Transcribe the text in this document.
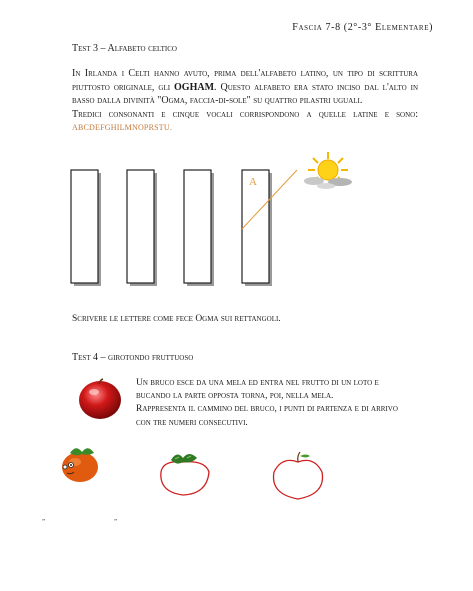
Fascia 7-8 (2°-3° Elementare)
Test 3 – Alfabeto celtico

In Irlanda i Celti hanno avuto, prima dell'alfabeto latino, un tipo di scrittura piuttosto originale, gli OGHAM. Questo alfabeto era stato inciso dal l'alto in basso dalla divinità "Ogma, faccia-di-sole" su quattro pilastri uguali.

Tredici consonanti e cinque vocali corrispondono a quelle latine e sono: ABCDEFGHILMNOPRSTU.

A
Scrivere le lettere come fece Ogma sui rettangoli.
Test 4 – girotondo fruttuoso

Un bruco esce da una mela ed entra nel frutto di un loto e bucando la parte opposta torna, poi, nella mela.

Rappresenta il cammino del bruco, i punti di partenza e di arrivo con tre numeri consecutivi.

„	„
